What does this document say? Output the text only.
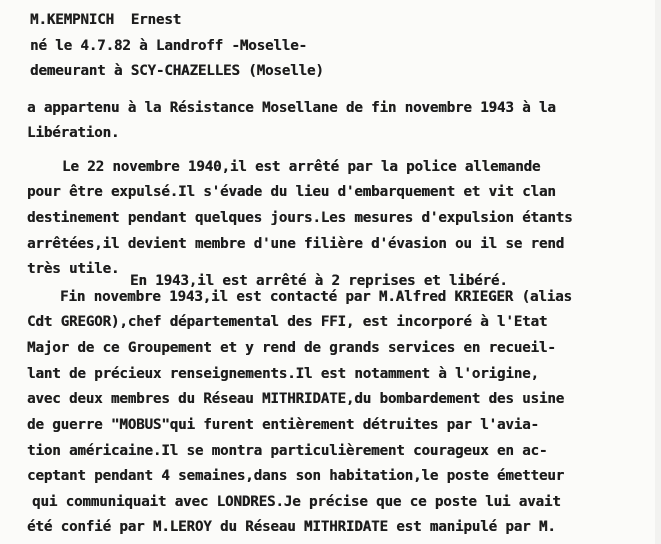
M.KEMPNICH  Ernest
né le 4.7.82 à Landroff -Moselle-
demeurant à SCY-CHAZELLES (Moselle)
a appartenu à la Résistance Mosellane de fin novembre 1943 à la
Libération.
Le 22 novembre 1940,il est arrêté par la police allemande
pour être expulsé.Il s'évade du lieu d'embarquement et vit clan
destinement pendant quelques jours.Les mesures d'expulsion étants
arrêtées,il devient membre d'une filière d'évasion ou il se rend
très utile.
En 1943,il est arrêté à 2 reprises et libéré.
Fin novembre 1943,il est contacté par M.Alfred KRIEGER (alias
Cdt GREGOR),chef départemental des FFI, est incorporé à l'Etat
Major de ce Groupement et y rend de grands services en recueil-
lant de précieux renseignements.Il est notamment à l'origine,
avec deux membres du Réseau MITHRIDATE,du bombardement des usine
de guerre "MOBUS"qui furent entièrement détruites par l'avia-
tion américaine.Il se montra particulièrement courageux en ac-
ceptant pendant 4 semaines,dans son habitation,le poste émetteur
qui communiquait avec LONDRES.Je précise que ce poste lui avait
été confié par M.LEROY du Réseau MITHRIDATE est manipulé par M.
